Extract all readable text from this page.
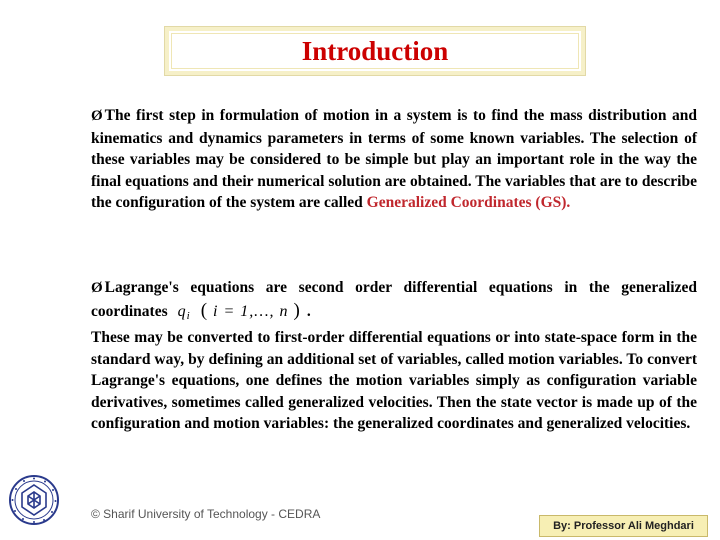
Introduction
Ø The first step in formulation of motion in a system is to find the mass distribution and kinematics and dynamics parameters in terms of some known variables. The selection of these variables may be considered to be simple but play an important role in the way the final equations and their numerical solution are obtained. The variables that are to describe the configuration of the system are called Generalized Coordinates (GS).
Ø Lagrange's equations are second order differential equations in the generalized coordinates $q_i$ ( i = 1,…, n ) .
These may be converted to first-order differential equations or into state-space form in the standard way, by defining an additional set of variables, called motion variables. To convert Lagrange's equations, one defines the motion variables simply as configuration variable derivatives, sometimes called generalized velocities. Then the state vector is made up of the configuration and motion variables: the generalized coordinates and generalized velocities.
© Sharif University of Technology - CEDRA
By: Professor Ali Meghdari
